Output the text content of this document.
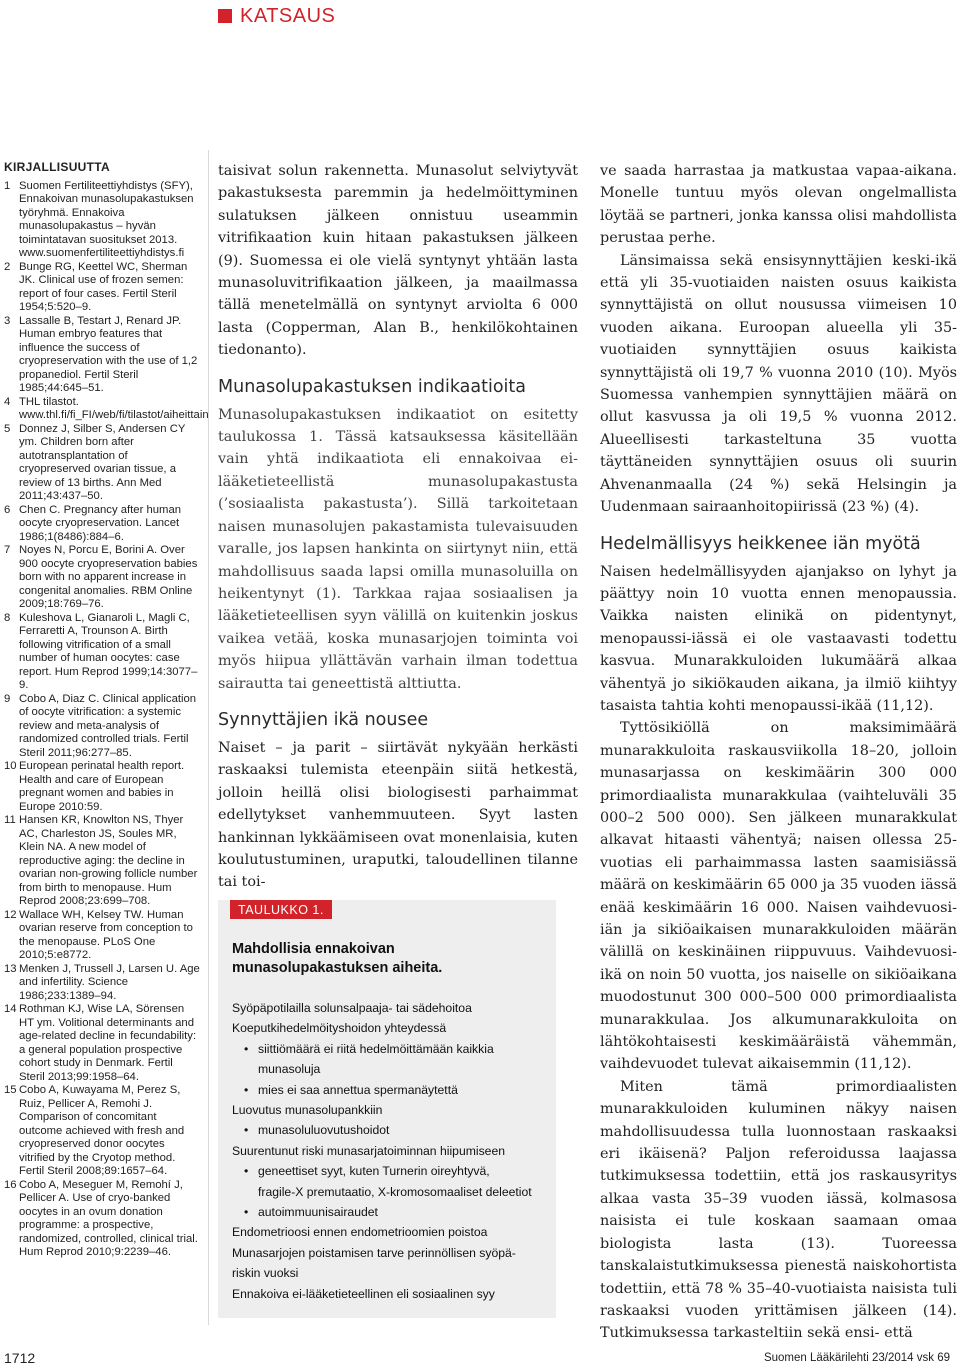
KATSAUS
KIRJALLISUUTTA
1 Suomen Fertiliteettiyhdistys (SFY), Ennakoivan munasolupakastuksen työryhmä. Ennakoiva munasolupakastus – hyvän toimintatavan suositukset 2013. www.suomenfertiliteettiyhdistys.fi
2 Bunge RG, Keettel WC, Sherman JK. Clinical use of frozen semen: report of four cases. Fertil Steril 1954;5:520–9.
3 Lassalle B, Testart J, Renard JP. Human embryo features that influence the success of cryopreservation with the use of 1,2 propanediol. Fertil Steril 1985;44:645–51.
4 THL tilastot. www.thl.fi/fi_FI/web/fi/tilastot/aiheittain
5 Donnez J, Silber S, Andersen CY ym. Children born after autotransplantation of cryopreserved ovarian tissue, a review of 13 births. Ann Med 2011;43:437–50.
6 Chen C. Pregnancy after human oocyte cryopreservation. Lancet 1986;1(8486):884–6.
7 Noyes N, Porcu E, Borini A. Over 900 oocyte cryopreservation babies born with no apparent increase in congenital anomalies. RBM Online 2009;18:769–76.
8 Kuleshova L, Gianaroli L, Magli C, Ferraretti A, Trounson A. Birth following vitrification of a small number of human oocytes: case report. Hum Reprod 1999;14:3077–9.
9 Cobo A, Diaz C. Clinical application of oocyte vitrification: a systemic review and meta-analysis of randomized controlled trials. Fertil Steril 2011;96:277–85.
10 European perinatal health report. Health and care of European pregnant women and babies in Europe 2010:59.
11 Hansen KR, Knowlton NS, Thyer AC, Charleston JS, Soules MR, Klein NA. A new model of reproductive aging: the decline in ovarian non-growing follicle number from birth to menopause. Hum Reprod 2008;23:699–708.
12 Wallace WH, Kelsey TW. Human ovarian reserve from conception to the menopause. PLoS One 2010;5:e8772.
13 Menken J, Trussell J, Larsen U. Age and infertility. Science 1986;233:1389–94.
14 Rothman KJ, Wise LA, Sörensen HT ym. Volitional determinants and age-related decline in fecundability: a general population prospective cohort study in Denmark. Fertil Steril 2013;99:1958–64.
15 Cobo A, Kuwayama M, Perez S, Ruiz, Pellicer A, Remohi J. Comparison of concomitant outcome achieved with fresh and cryopreserved donor oocytes vitrified by the Cryotop method. Fertil Steril 2008;89:1657–64.
16 Cobo A, Meseguer M, Remohí J, Pellicer A. Use of cryo-banked oocytes in an ovum donation programme: a prospective, randomized, controlled, clinical trial. Hum Reprod 2010;9:2239–46.

taisivat solun rakennetta. Munasolut selviytyvät pakastuksesta paremmin ja hedelmöittyminen sulatuksen jälkeen onnistuu useammin vitrifikaation kuin hitaan pakastuksen jälkeen (9). Suomessa ei ole vielä syntynyt yhtään lasta munasoluvitrifikaation jälkeen, ja maailmassa tällä menetelmällä on syntynyt arviolta 6 000 lasta (Copperman, Alan B., henkilökohtainen tiedonanto).

Munasolupakastuksen indikaatioita

Munasolupakastuksen indikaatiot on esitetty taulukossa 1. Tässä katsauksessa käsitellään vain yhtä indikaatiota eli ennakoivaa ei-lääketieteellistä munasolupakastusta (’sosiaalista pakastusta’). Sillä tarkoitetaan naisen munasolujen pakastamista tulevaisuuden varalle, jos lapsen hankinta on siirtynyt niin, että mahdollisuus saada lapsi omilla munasoluilla on heikentynyt (1). Tarkkaa rajaa sosiaalisen ja lääketieteellisen syyn välillä on kuitenkin joskus vaikea vetää, koska munasarjojen toiminta voi myös hiipua yllättävän varhain ilman todettua sairautta tai geneettistä alttiutta.

Synnyttäjien ikä nousee

Naiset – ja parit – siirtävät nykyään herkästi raskaaksi tulemista eteenpäin siitä hetkestä, jolloin heillä olisi biologisesti parhaimmat edellytykset vanhemmuuteen. Syyt lasten hankinnan lykkäämiseen ovat monenlaisia, kuten koulutustuminen, uraputki, taloudellinen tilanne tai toi-

ve saada harrastaa ja matkustaa vapaa-aikana. Monelle tuntuu myös olevan ongelmallista löytää se partneri, jonka kanssa olisi mahdollista perustaa perhe.

Länsimaissa sekä ensisynnyttäjien keski-ikä että yli 35-vuotiaiden naisten osuus kaikista synnyttäjistä on ollut nousussa viimeisen 10 vuoden aikana. Euroopan alueella yli 35-vuotiaiden synnyttäjien osuus kaikista synnyttäjistä oli 19,7 % vuonna 2010 (10). Myös Suomessa vanhempien synnyttäjien määrä on ollut kasvussa ja oli 19,5 % vuonna 2012. Alueellisesti tarkasteltuna 35 vuotta täyttäneiden synnyttäjien osuus oli suurin Ahvenanmaalla (24 %) sekä Helsingin ja Uudenmaan sairaanhoitopiirissä (23 %) (4).

Hedelmällisyys heikkenee iän myötä

Naisen hedelmällisyyden ajanjakso on lyhyt ja päättyy noin 10 vuotta ennen menopaussia. Vaikka naisten elinikä on pidentynyt, menopaussi-iässä ei ole vastaavasti todettu kasvua. Munarakkuloiden lukumäärä alkaa vähentyä jo sikiökauden aikana, ja ilmiö kiihtyy tasaista tahtia kohti menopaussi-ikää (11,12).

Tyttösikiöllä on maksimimäärä munarakkuloita raskausviikolla 18–20, jolloin munasarjassa on keskimäärin 300 000 primordiaalista munarakkulaa (vaihteluväli 35 000–2 500 000). Sen jälkeen munarakkulat alkavat hitaasti vähentyä; naisen ollessa 25-vuotias eli parhaimmassa lasten saamisiässä määrä on keskimäärin 65 000 ja 35 vuoden iässä enää keskimäärin 16 000. Naisen vaihdevuosi-iän ja sikiöaikaisen munarakkuloiden määrän välillä on keskinäinen riippuvuus. Vaihdevuosi-ikä on noin 50 vuotta, jos naiselle on sikiöaikana muodostunut 300 000–500 000 primordiaalista munarakkulaa. Jos alkumunarakkuloita on lähtökohtaisesti keskimääräistä vähemmän, vaihdevuodet tulevat aikaisemmin (11,12).

Miten tämä primordiaalisten munarakkuloiden kuluminen näkyy naisen mahdollisuudessa tulla luonnostaan raskaaksi eri ikäisenä? Paljon referoidussa laajassa tutkimuksessa todettiin, että jos raskausyritys alkaa vasta 35–39 vuoden iässä, kolmasosa naisista ei tule koskaan saamaan omaa biologista lasta (13). Tuoreessa tanskalaistutkimuksessa pienestä naiskohortista todettiin, että 78 % 35–40-vuotiaista naisista tuli raskaaksi vuoden yrittämisen jälkeen (14). Tutkimuksessa tarkasteltiin sekä ensi- että

TAULUKKO 1.
Mahdollisia ennakoivan munasolupakastuksen aiheita.
Syöpäpotilailla solunsalpaaja- tai sädehoitoa
Koeputkihedelmöityshoidon yhteydessä
• siittiömäärä ei riitä hedelmöittämään kaikkia
munasoluja
• mies ei saa annettua spermanäytettä
Luovutus munasolupankkiin
• munasoluluovutushoidot
Suurentunut riski munasarjatoiminnan hiipumiseen
• geneettiset syyt, kuten Turnerin oireyhtyvä,
fragile-X premutaatio, X-kromosomaaliset deleetiot
• autoimmuunisairaudet
Endometrioosi ennen endometrioomien poistoa
Munasarjojen poistamisen tarve perinnöllisen syöpä-
riskin vuoksi
Ennakoiva ei-lääketieteellinen eli sosiaalinen syy
1712	Suomen Lääkärilehti 23/2014 vsk 69
